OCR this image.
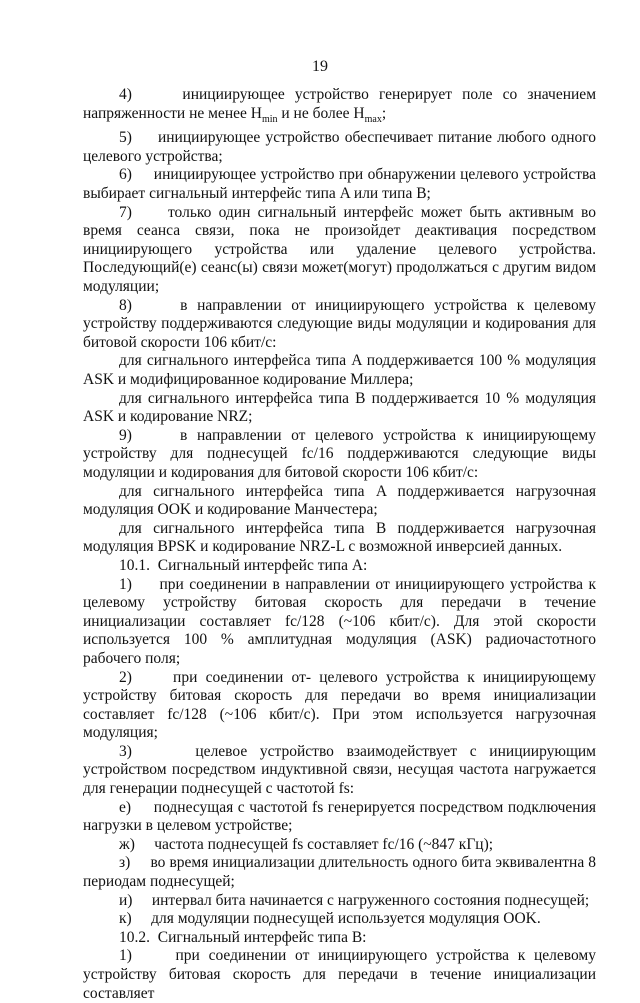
19

4)     инициирующее устройство генерирует поле со значением напряженности не менее $H_{min}$ и не более $H_{max}$;

5)     инициирующее устройство обеспечивает питание любого одного целевого устройства;

6)     инициирующее устройство при обнаружении целевого устройства выбирает сигнальный интерфейс типа A или типа B;

7)     только один сигнальный интерфейс может быть активным во время сеанса связи, пока не произойдет деактивация посредством инициирующего устройства или удаление целевого устройства. Последующий(е) сеанс(ы) связи может(могут) продолжаться с другим видом модуляции;

8)     в направлении от инициирующего устройства к целевому устройству поддерживаются следующие виды модуляции и кодирования для битовой скорости 106 кбит/с:

для сигнального интерфейса типа A поддерживается 100 % модуляция ASK и модифицированное кодирование Миллера;

для сигнального интерфейса типа B поддерживается 10 % модуляция ASK и кодирование NRZ;

9)     в направлении от целевого устройства к инициирующему устройству для поднесущей fc/16 поддерживаются следующие виды модуляции и кодирования для битовой скорости 106 кбит/с:

для сигнального интерфейса типа A поддерживается нагрузочная модуляция OOK и кодирование Манчестера;

для сигнального интерфейса типа B поддерживается нагрузочная модуляция BPSK и кодирование NRZ-L с возможной инверсией данных.

10.1.  Сигнальный интерфейс типа A:

1)     при соединении в направлении от инициирующего устройства к целевому устройству битовая скорость для передачи в течение инициализации составляет fc/128 (~106 кбит/с). Для этой скорости используется 100 % амплитудная модуляция (ASK) радиочастотного рабочего поля;

2)     при соединении от- целевого устройства к инициирующему устройству битовая скорость для передачи во время инициализации составляет fc/128 (~106 кбит/с). При этом используется нагрузочная модуляция;

3)     целевое устройство взаимодействует с инициирующим устройством посредством индуктивной связи, несущая частота нагружается для генерации поднесущей с частотой fs:

е)     поднесущая с частотой fs генерируется посредством подключения нагрузки в целевом устройстве;

ж)     частота поднесущей fs составляет fc/16 (~847 кГц);

з)     во время инициализации длительность одного бита эквивалентна 8 периодам поднесущей;

и)     интервал бита начинается с нагруженного состояния поднесущей;

к)     для модуляции поднесущей используется модуляция OOK.

10.2.  Сигнальный интерфейс типа B:

1)     при соединении от инициирующего устройства к целевому устройству битовая скорость для передачи в течение инициализации составляет
